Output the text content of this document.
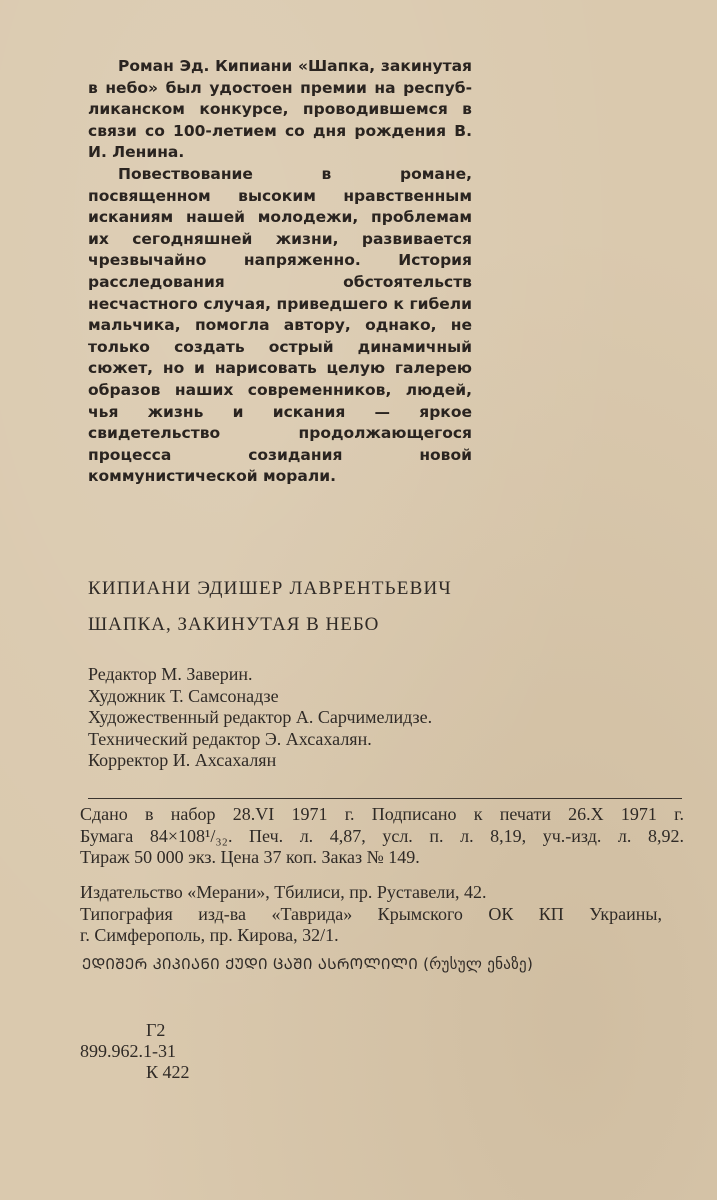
Роман Эд. Кипиани «Шапка, закинутая в небо» был удостоен премии на республиканском конкурсе, проводившемся в связи со 100-летием со дня рождения В. И. Ленина.

Повествование в романе, посвященном высоким нравственным исканиям нашей молодежи, проблемам их сегодняшней жизни, развивается чрезвычайно напряженно. История расследования обстоятельств несчастного случая, приведшего к гибели мальчика, помогла автору, однако, не только создать острый динамичный сюжет, но и нарисовать целую галерею образов наших современников, людей, чья жизнь и искания — яркое свидетельство продолжающегося процесса созидания новой коммунистической морали.

КИПИАНИ ЭДИШЕР ЛАВРЕНТЬЕВИЧ
ШАПКА, ЗАКИНУТАЯ В НЕБО
Редактор М. Заверин.
Художник Т. Самсонадзе
Художественный редактор А. Сарчимелидзе.
Технический редактор Э. Ахсахалян.
Корректор И. Ахсахалян
Сдано в набор 28.VI 1971 г. Подписано к печати 26.X 1971 г.
Бумага 84×108¹/₃₂. Печ. л. 4,87, усл. п. л. 8,19, уч.-изд. л. 8,92.
Тираж 50 000 экз. Цена 37 коп. Заказ № 149.
Издательство «Мерани», Тбилиси, пр. Руставели, 42.
Типография изд-ва «Таврида» Крымского ОК КП Украины,
г. Симферополь, пр. Кирова, 32/1.
ᲔᲓᲘᲨᲔᲠ ᲙᲘᲞᲘᲐᲜᲘ ᲥᲣᲓᲘ ᲪᲐᲨᲘ ᲐᲡᲠᲝᲚᲘᲚᲘ (რუსულ ენაზე)
Г2
899.962.1-31
К 422
